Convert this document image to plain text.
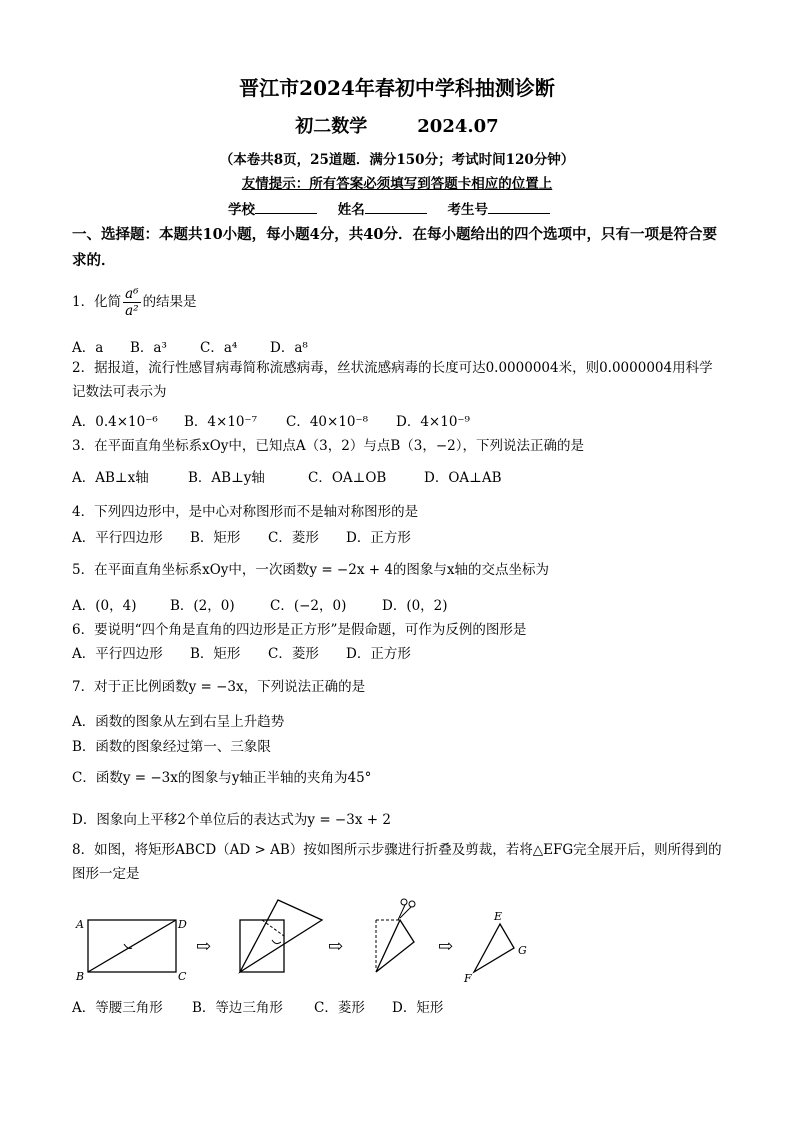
晋江市2024年春初中学科抽测诊断
初二数学	2024.07
（本卷共8页，25道题．满分150分；考试时间120分钟）
友情提示：所有答案必须填写到答题卡相应的位置上
学校	姓名	考生号
一、选择题：本题共10小题，每小题4分，共40分．在每小题给出的四个选项中，只有一项是符合要求的．
1．化简 $\frac{\text{a⁶}}{\text{a²}}$ 的结果是
A．a B．a³ C．a⁴ D．a⁸
2．据报道，流行性感冒病毒简称流感病毒，丝状流感病毒的长度可达0.0000004米，则0.0000004用科学记数法可表示为
A．0.4×10⁻⁶ B．4×10⁻⁷ C．40×10⁻⁸ D．4×10⁻⁹
3．在平面直角坐标系xOy中，已知点A（3，2）与点B（3，−2），下列说法正确的是
A．AB⊥x轴	B．AB⊥y轴	C．OA⊥OB	D．OA⊥AB
4．下列四边形中，是中心对称图形而不是轴对称图形的是
A．平行四边形 B．矩形 C．菱形 D．正方形
5．在平面直角坐标系xOy中，一次函数y = −2x + 4的图象与x轴的交点坐标为
A．(0，4) B．(2，0)	C．(−2，0)	D．(0，2)
6．要说明“四个角是直角的四边形是正方形”是假命题，可作为反例的图形是
A．平行四边形 B．矩形 C．菱形 D．正方形
7．对于正比例函数y = −3x，下列说法正确的是
A．函数的图象从左到右呈上升趋势
B．函数的图象经过第一、三象限
C．函数y = −3x的图象与y轴正半轴的夹角为45°
D．图象向上平移2个单位后的表达式为y = −3x + 2
8．如图，将矩形ABCD（AD > AB）按如图所示步骤进行折叠及剪裁，若将△EFG完全展开后，则所得到的图形一定是
A	D
B	C
⇨	⇨	⇨
E
F
G
A．等腰三角形 B．等边三角形 C．菱形 D．矩形
